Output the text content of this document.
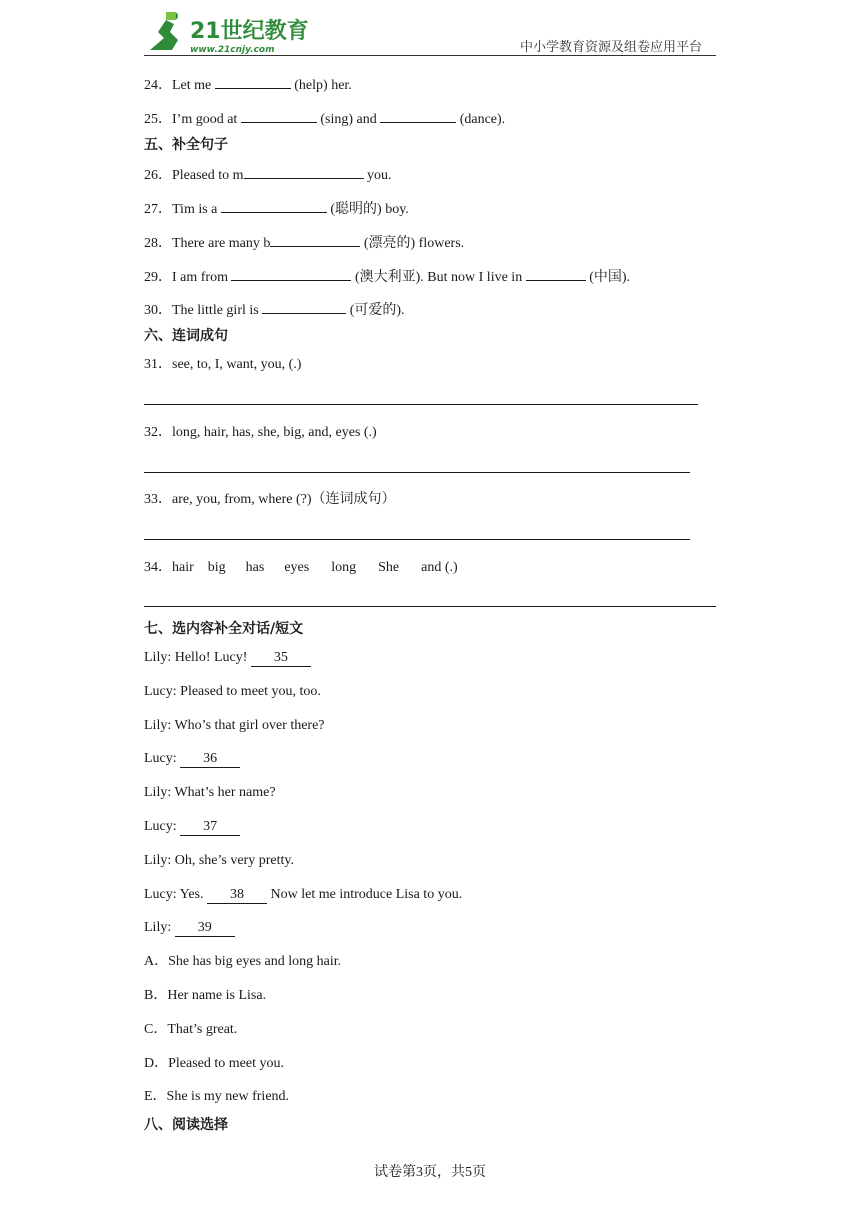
21世纪教育
www.21cnjy.com	中小学教育资源及组卷应用平台
24．Let me	(help) her.
25．I’m good at	(sing) and	(dance).
五、补全句子
26．Pleased to m	you.
27．Tim is a	(聪明的) boy.
28．There are many b	(漂亮的) flowers.
29．I am from	(澳大利亚). But now I live in	(中国).
30．The little girl is	(可爱的).
六、连词成句
31．see, to, I, want, you, (.)
32．long, hair, has, she, big, and, eyes (.)
33．are, you, from, where (?)（连词成句）
34．hair big has eyes long She and (.)
七、选内容补全对话/短文
Lily: Hello! Lucy! 35
Lucy: Pleased to meet you, too.
Lily: Who’s that girl over there?
Lucy: 36
Lily: What’s her name?
Lucy: 37
Lily: Oh, she’s very pretty.
Lucy: Yes. 38 Now let me introduce Lisa to you.
Lily: 39
A．She has big eyes and long hair.
B．Her name is Lisa.
C．That’s great.
D．Pleased to meet you.
E．She is my new friend.
八、阅读选择
试卷第3页，共5页
